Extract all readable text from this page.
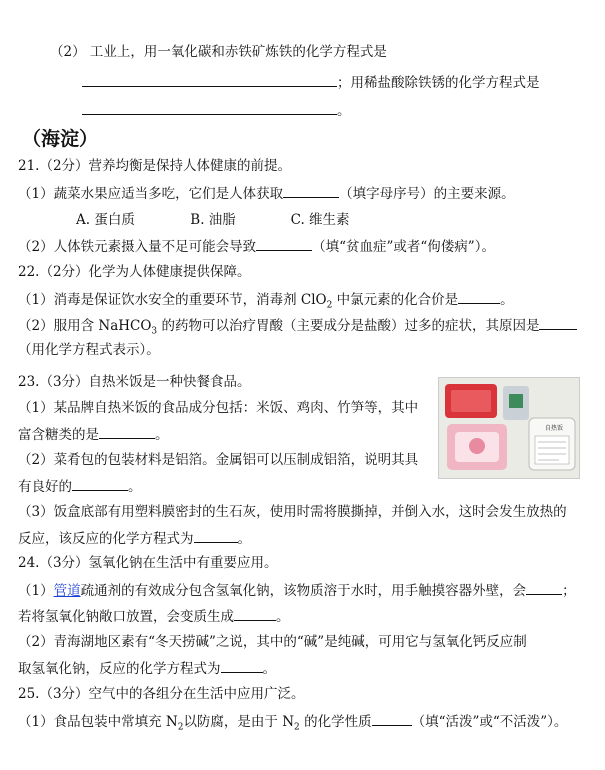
（2） 工业上，用一氧化碳和赤铁矿炼铁的化学方程式是
；用稀盐酸除铁锈的化学方程式是
。
（海淀）
21.（2分）营养均衡是保持人体健康的前提。
（1）蔬菜水果应适当多吃，它们是人体获取	（填字母序号）的主要来源。
A. 蛋白质	B. 油脂	C. 维生素
（2）人体铁元素摄入量不足可能会导致	（填“贫血症”或者“佝偻病”）。
22.（2分）化学为人体健康提供保障。
（1）消毒是保证饮水安全的重要环节，消毒剂 ClO$_2$ 中氯元素的化合价是	。
（2）服用含 NaHCO$_3$ 的药物可以治疗胃酸（主要成分是盐酸）过多的症状，其原因是
（用化学方程式表示）。
23.（3分）自热米饭是一种快餐食品。
（1）某品牌自热米饭的食品成分包括：米饭、鸡肉、竹笋等，其中
富含糖类的是	。
（2）菜肴包的包装材料是铝箔。金属铝可以压制成铝箔，说明其具
有良好的	。
（3）饭盒底部有用塑料膜密封的生石灰，使用时需将膜撕掉，并倒入水，这时会发生放热的
反应，该反应的化学方程式为	。
自热饭
24.（3分）氢氧化钠在生活中有重要应用。
（1）管道疏通剂的有效成分包含氢氧化钠，该物质溶于水时，用手触摸容器外壁，会	；
若将氢氧化钠敞口放置，会变质生成	。
（2）青海湖地区素有“冬天捞碱”之说，其中的“碱”是纯碱，可用它与氢氧化钙反应制
取氢氧化钠，反应的化学方程式为	。
25.（3分）空气中的各组分在生活中应用广泛。
（1）食品包装中常填充 $N_2$以防腐，是由于 $N_2$ 的化学性质	（填“活泼”或“不活泼”）。
